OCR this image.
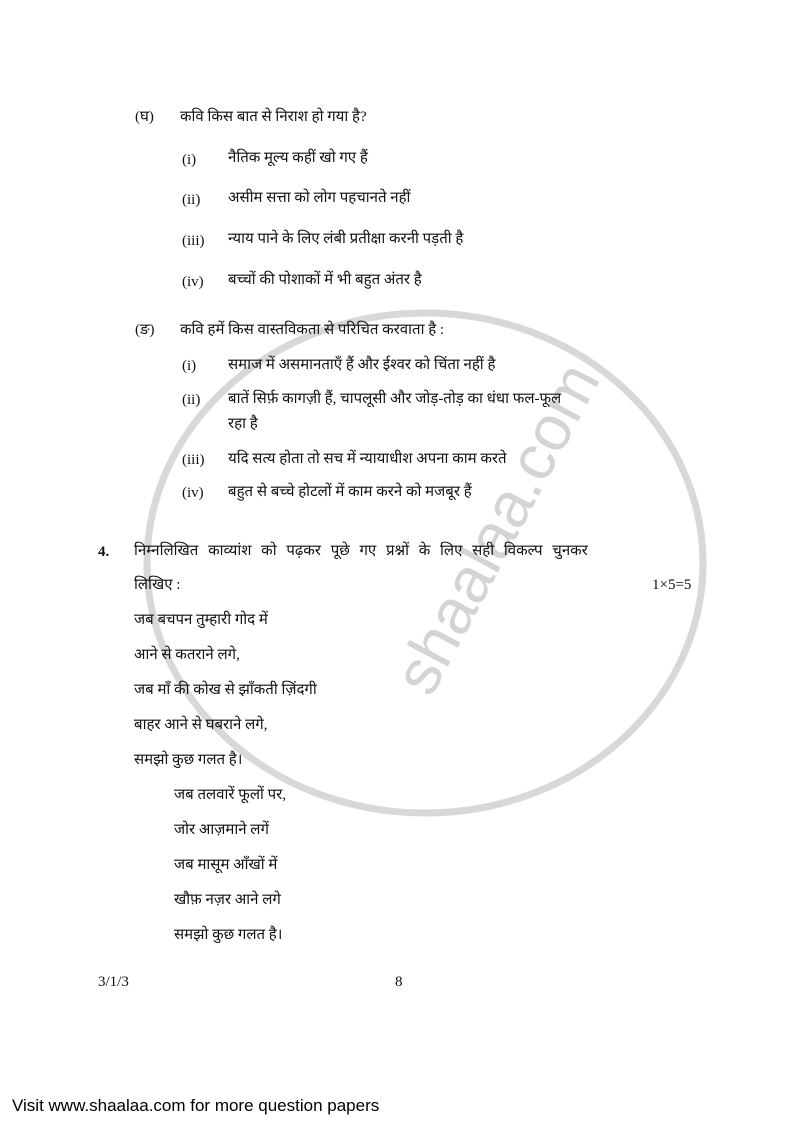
shaalaa.com
(घ) कवि किस बात से निराश हो गया है?
(i) नैतिक मूल्य कहीं खो गए हैं
(ii) असीम सत्ता को लोग पहचानते नहीं
(iii) न्याय पाने के लिए लंबी प्रतीक्षा करनी पड़ती है
(iv) बच्चों की पोशाकों में भी बहुत अंतर है
(ङ) कवि हमें किस वास्तविकता से परिचित करवाता है :
(i) समाज में असमानताएँ हैं और ईश्वर को चिंता नहीं है
(ii) बातें सिर्फ़ कागज़ी हैं, चापलूसी और जोड़-तोड़ का धंधा फल-फूल
रहा है
(iii) यदि सत्य होता तो सच में न्यायाधीश अपना काम करते
(iv) बहुत से बच्चे होटलों में काम करने को मजबूर हैं
4. निम्नलिखित काव्यांश को पढ़कर पूछे गए प्रश्नों के लिए सही विकल्प चुनकर
लिखिए :	1×5=5
जब बचपन तुम्हारी गोद में
आने से कतराने लगे,
जब माँ की कोख से झाँकती ज़िंदगी
बाहर आने से घबराने लगे,
समझो कुछ गलत है।
जब तलवारें फूलों पर,
जोर आज़माने लगें
जब मासूम आँखों में
खौफ़ नज़र आने लगे
समझो कुछ गलत है।
3/1/3	8
Visit www.shaalaa.com for more question papers
